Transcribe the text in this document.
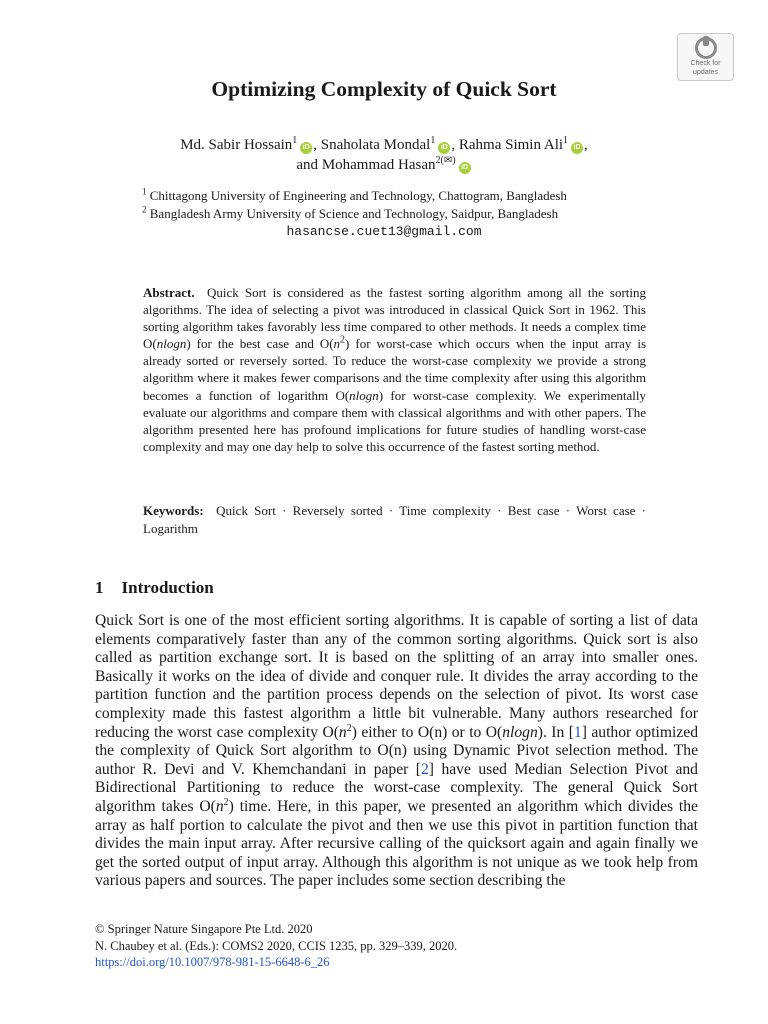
Check for
updates
Optimizing Complexity of Quick Sort
Md. Sabir Hossain$^1$iD , Snaholata Mondal$^1$iD , Rahma Simin Ali$^1$iD ,
and Mohammad Hasan$^{2(✉)}$iD
$^1$ Chittagong University of Engineering and Technology, Chattogram, Bangladesh
$^2$ Bangladesh Army University of Science and Technology, Saidpur, Bangladesh
hasancse.cuet13@gmail.com
Abstract. Quick Sort is considered as the fastest sorting algorithm among all the sorting algorithms. The idea of selecting a pivot was introduced in classical Quick Sort in 1962. This sorting algorithm takes favorably less time compared to other methods. It needs a complex time O(nlogn) for the best case and $O(n^2)$ for worst-case which occurs when the input array is already sorted or reversely sorted. To reduce the worst-case complexity we provide a strong algorithm where it makes fewer comparisons and the time complexity after using this algorithm becomes a function of logarithm O(nlogn) for worst-case complexity. We experimentally evaluate our algorithms and compare them with classical algorithms and with other papers. The algorithm presented here has profound implications for future studies of handling worst-case complexity and may one day help to solve this occurrence of the fastest sorting method.
Keywords: Quick Sort · Reversely sorted · Time complexity · Best case · Worst case · Logarithm
1 Introduction
Quick Sort is one of the most efficient sorting algorithms. It is capable of sorting a list of data elements comparatively faster than any of the common sorting algorithms. Quick sort is also called as partition exchange sort. It is based on the splitting of an array into smaller ones. Basically it works on the idea of divide and conquer rule. It divides the array according to the partition function and the partition process depends on the selection of pivot. Its worst case complexity made this fastest algorithm a little bit vulnerable. Many authors researched for reducing the worst case complexity $O(n^2)$ either to O(n) or to O(nlogn). In [1] author optimized the complexity of Quick Sort algorithm to O(n) using Dynamic Pivot selection method. The author R. Devi and V. Khemchandani in paper [2] have used Median Selection Pivot and Bidirectional Partitioning to reduce the worst-case complexity. The general Quick Sort algorithm takes $O(n^2)$ time. Here, in this paper, we presented an algorithm which divides the array as half portion to calculate the pivot and then we use this pivot in partition function that divides the main input array. After recursive calling of the quicksort again and again finally we get the sorted output of input array. Although this algorithm is not unique as we took help from various papers and sources. The paper includes some section describing the
© Springer Nature Singapore Pte Ltd. 2020
N. Chaubey et al. (Eds.): COMS2 2020, CCIS 1235, pp. 329–339, 2020.
https://doi.org/10.1007/978-981-15-6648-6_26
